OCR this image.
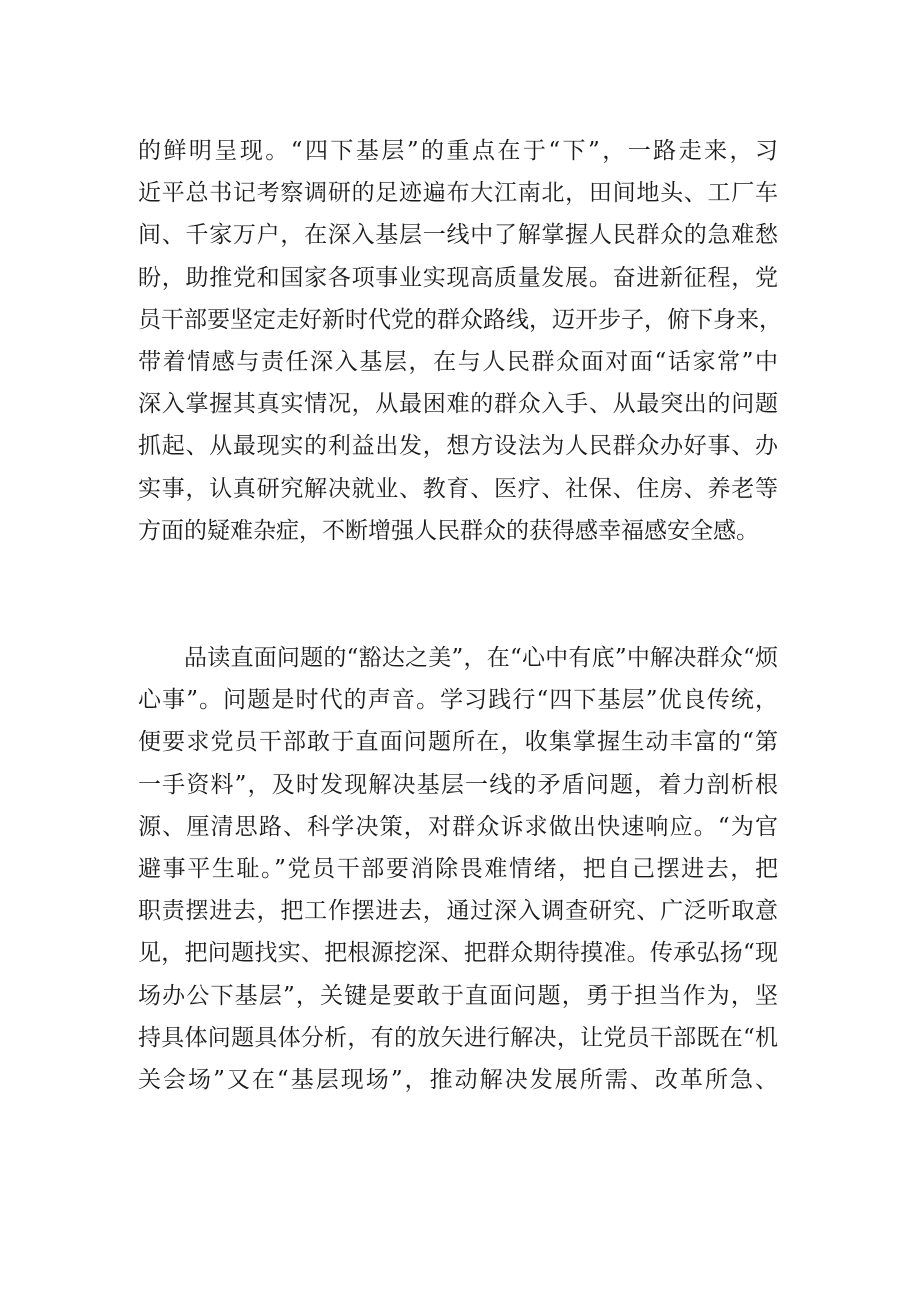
的鲜明呈现。“四下基层”的重点在于“下”，一路走来，习
近平总书记考察调研的足迹遍布大江南北，田间地头、工厂车
间、千家万户，在深入基层一线中了解掌握人民群众的急难愁
盼，助推党和国家各项事业实现高质量发展。奋进新征程，党
员干部要坚定走好新时代党的群众路线，迈开步子，俯下身来，
带着情感与责任深入基层，在与人民群众面对面“话家常”中
深入掌握其真实情况，从最困难的群众入手、从最突出的问题
抓起、从最现实的利益出发，想方设法为人民群众办好事、办
实事，认真研究解决就业、教育、医疗、社保、住房、养老等
方面的疑难杂症，不断增强人民群众的获得感幸福感安全感。
品读直面问题的“豁达之美”，在“心中有底”中解决群众“烦
心事”。问题是时代的声音。学习践行“四下基层”优良传统，
便要求党员干部敢于直面问题所在，收集掌握生动丰富的“第
一手资料”，及时发现解决基层一线的矛盾问题，着力剖析根
源、厘清思路、科学决策，对群众诉求做出快速响应。“为官
避事平生耻。”党员干部要消除畏难情绪，把自己摆进去，把
职责摆进去，把工作摆进去，通过深入调查研究、广泛听取意
见，把问题找实、把根源挖深、把群众期待摸准。传承弘扬“现
场办公下基层”，关键是要敢于直面问题，勇于担当作为，坚
持具体问题具体分析，有的放矢进行解决，让党员干部既在“机
关会场”又在“基层现场”，推动解决发展所需、改革所急、
